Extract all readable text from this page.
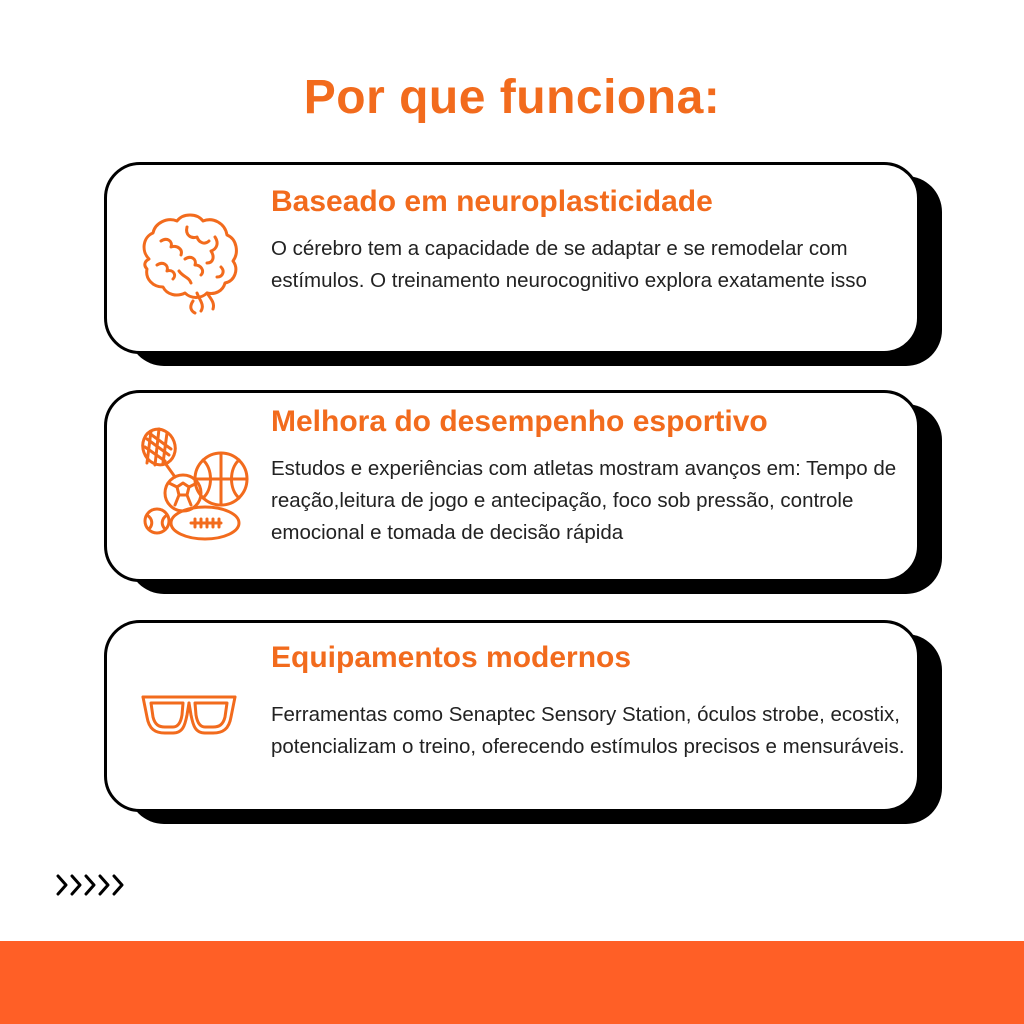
Por que funciona:
Baseado em neuroplasticidade

O cérebro tem a capacidade de se adaptar e se remodelar com estímulos. O treinamento neurocognitivo explora exatamente isso

Melhora do desempenho esportivo

Estudos e experiências com atletas mostram avanços em: Tempo de reação,leitura de jogo e antecipação, foco sob pressão, controle emocional e tomada de decisão rápida

Equipamentos modernos

Ferramentas como Senaptec Sensory Station, óculos strobe, ecostix, potencializam o treino, oferecendo estímulos precisos e mensuráveis.
